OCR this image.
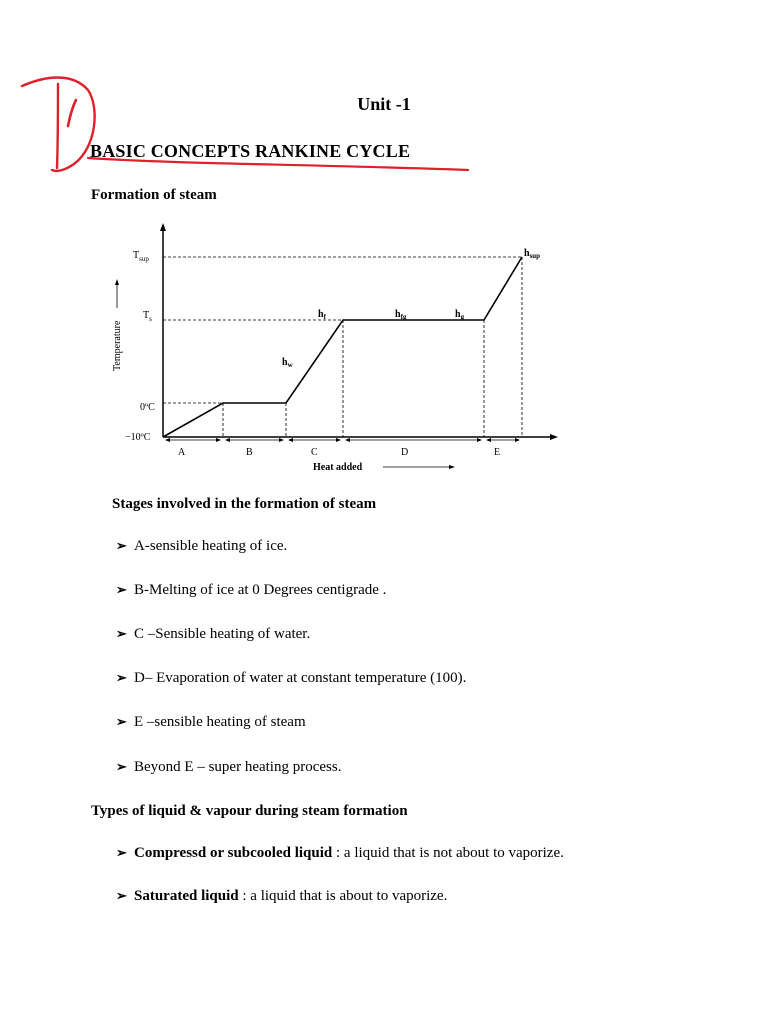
Unit -1
BASIC CONCEPTS RANKINE CYCLE
Formation of steam
$T_{sup}$
$T_s$
0ºC
−10ºC
$h_f$	$h_{fg}$	$h_g$
$h_{sup}$
$h_w$
Temperature
A	B	C	D	E
Heat added
Stages involved in the formation of steam
➢ A-sensible heating of ice.
➢ B-Melting of ice at 0 Degrees centigrade .
➢ C –Sensible heating of water.
➢ D– Evaporation of water at constant temperature (100).
➢ E –sensible heating of steam
➢ Beyond E – super heating process.
Types of liquid & vapour during steam formation
➢ Compressd or subcooled liquid : a liquid that is not about to vaporize.
➢ Saturated liquid : a liquid that is about to vaporize.
